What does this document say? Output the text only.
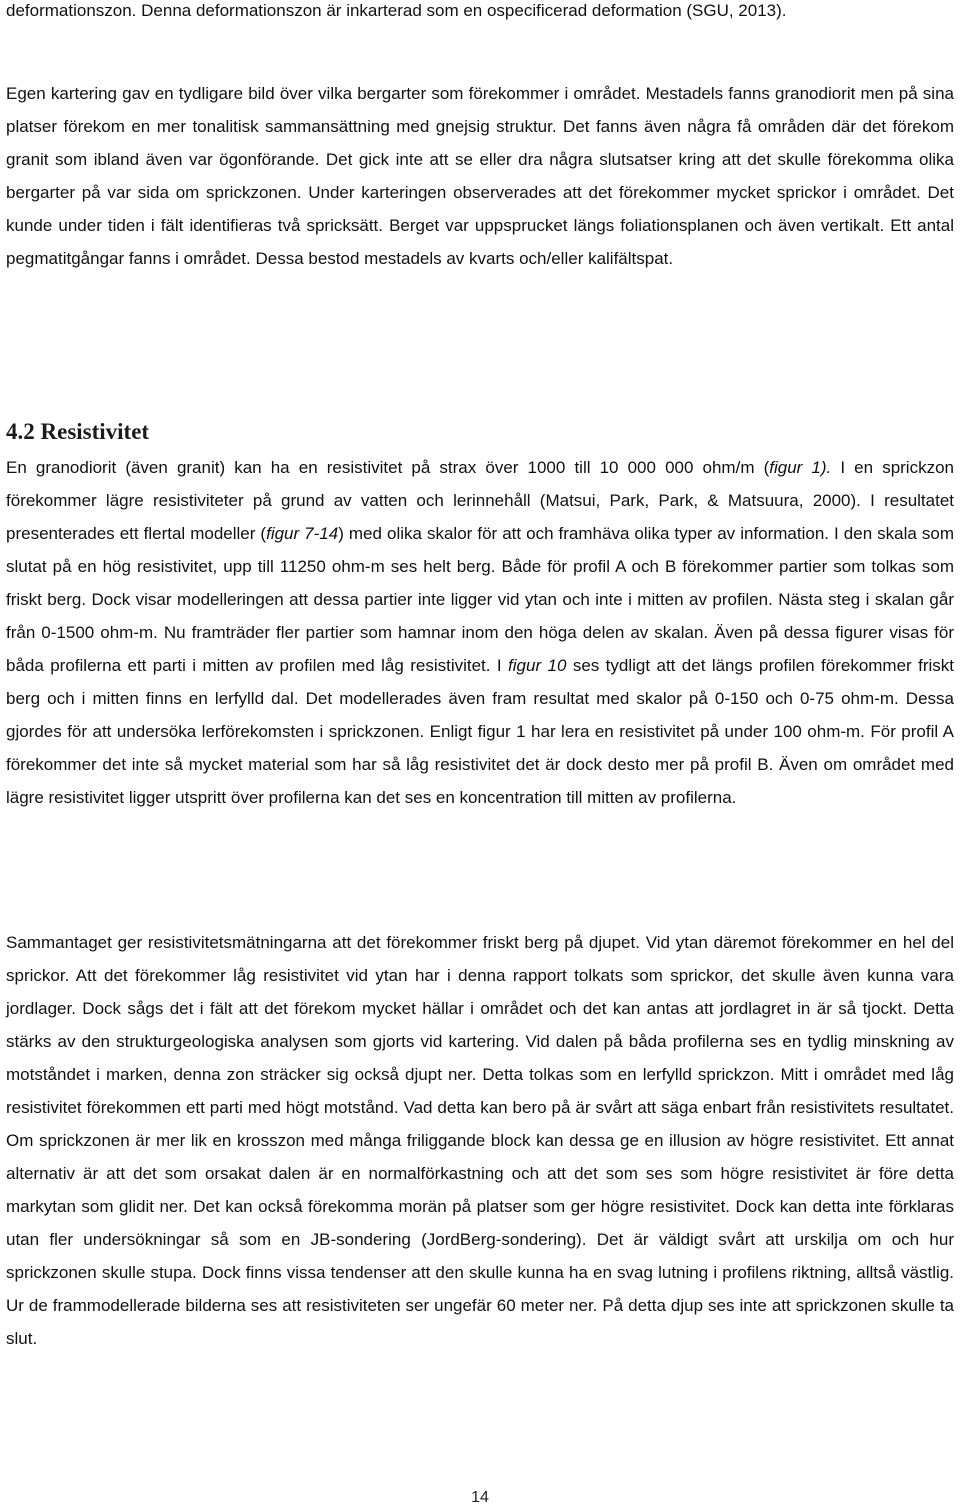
deformationszon. Denna deformationszon är inkarterad som en ospecificerad deformation (SGU, 2013).

Egen kartering gav en tydligare bild över vilka bergarter som förekommer i området. Mestadels fanns granodiorit men på sina platser förekom en mer tonalitisk sammansättning med gnejsig struktur. Det fanns även några få områden där det förekom granit som ibland även var ögonförande. Det gick inte att se eller dra några slutsatser kring att det skulle förekomma olika bergarter på var sida om sprickzonen. Under karteringen observerades att det förekommer mycket sprickor i området. Det kunde under tiden i fält identifieras två spricksätt. Berget var uppsprucket längs foliationsplanen och även vertikalt. Ett antal pegmatitgångar fanns i området. Dessa bestod mestadels av kvarts och/eller kalifältspat.

4.2 Resistivitet

En granodiorit (även granit) kan ha en resistivitet på strax över 1000 till 10 000 000 ohm/m (figur 1). I en sprickzon förekommer lägre resistiviteter på grund av vatten och lerinnehåll (Matsui, Park, Park, & Matsuura, 2000). I resultatet presenterades ett flertal modeller (figur 7-14) med olika skalor för att och framhäva olika typer av information. I den skala som slutat på en hög resistivitet, upp till 11250 ohm-m ses helt berg. Både för profil A och B förekommer partier som tolkas som friskt berg. Dock visar modelleringen att dessa partier inte ligger vid ytan och inte i mitten av profilen. Nästa steg i skalan går från 0-1500 ohm-m. Nu framträder fler partier som hamnar inom den höga delen av skalan. Även på dessa figurer visas för båda profilerna ett parti i mitten av profilen med låg resistivitet. I figur 10 ses tydligt att det längs profilen förekommer friskt berg och i mitten finns en lerfylld dal. Det modellerades även fram resultat med skalor på 0-150 och 0-75 ohm-m. Dessa gjordes för att undersöka lerförekomsten i sprickzonen. Enligt figur 1 har lera en resistivitet på under 100 ohm-m. För profil A förekommer det inte så mycket material som har så låg resistivitet det är dock desto mer på profil B. Även om området med lägre resistivitet ligger utspritt över profilerna kan det ses en koncentration till mitten av profilerna.

Sammantaget ger resistivitetsmätningarna att det förekommer friskt berg på djupet. Vid ytan däremot förekommer en hel del sprickor. Att det förekommer låg resistivitet vid ytan har i denna rapport tolkats som sprickor, det skulle även kunna vara jordlager. Dock sågs det i fält att det förekom mycket hällar i området och det kan antas att jordlagret in är så tjockt. Detta stärks av den strukturgeologiska analysen som gjorts vid kartering. Vid dalen på båda profilerna ses en tydlig minskning av motståndet i marken, denna zon sträcker sig också djupt ner. Detta tolkas som en lerfylld sprickzon. Mitt i området med låg resistivitet förekommen ett parti med högt motstånd. Vad detta kan bero på är svårt att säga enbart från resistivitets resultatet. Om sprickzonen är mer lik en krosszon med många friliggande block kan dessa ge en illusion av högre resistivitet. Ett annat alternativ är att det som orsakat dalen är en normalförkastning och att det som ses som högre resistivitet är före detta markytan som glidit ner. Det kan också förekomma morän på platser som ger högre resistivitet. Dock kan detta inte förklaras utan fler undersökningar så som en JB-sondering (JordBerg-sondering). Det är väldigt svårt att urskilja om och hur sprickzonen skulle stupa. Dock finns vissa tendenser att den skulle kunna ha en svag lutning i profilens riktning, alltså västlig. Ur de frammodellerade bilderna ses att resistiviteten ser ungefär 60 meter ner. På detta djup ses inte att sprickzonen skulle ta slut.

14
